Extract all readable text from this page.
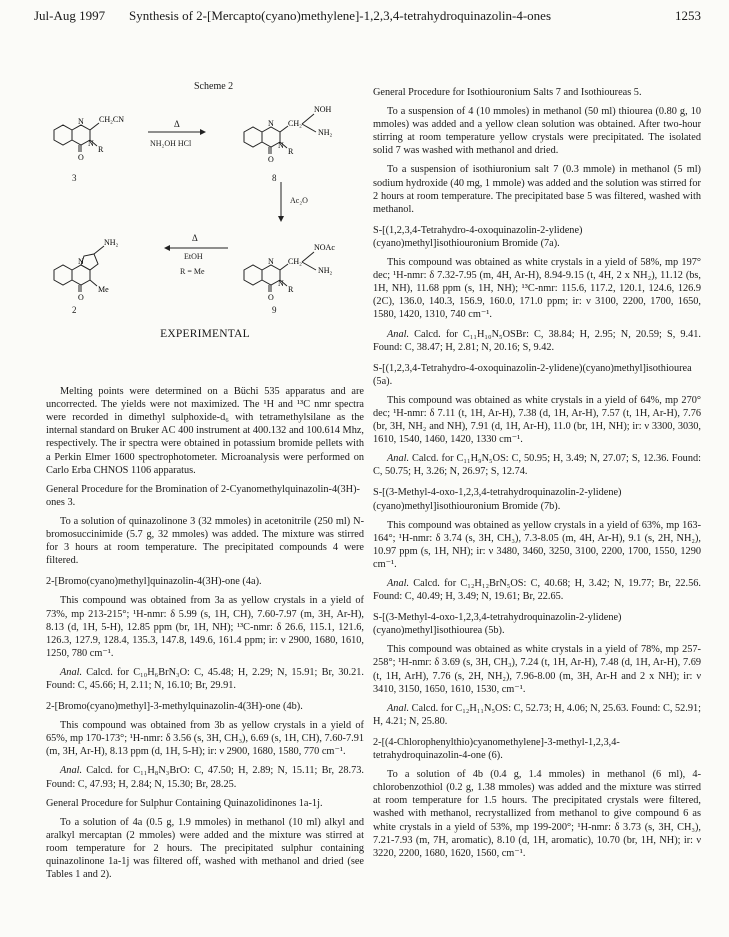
Jul-Aug 1997 Synthesis of 2-[Mercapto(cyano)methylene]-1,2,3,4-tetrahydroquinazolin-4-ones	1253
Scheme 2
N
N
O
CH₂CN
R
3
Δ
NH₂OH HCl
N
N
O
CH₂
NOH
NH₂
R
8
Ac₂O
N
N
O
CH₂
NOAc
NH₂
R
9
Δ
EtOH
R = Me
N
NH₂
O
Me
2
EXPERIMENTAL

Melting points were determined on a Büchi 535 apparatus and are uncorrected. The yields were not maximized. The ¹H and ¹³C nmr spectra were recorded in dimethyl sulphoxide-d₆ with tetramethylsilane as the internal standard on Bruker AC 400 instrument at 400.132 and 100.614 Mhz, respectively. The ir spectra were obtained in potassium bromide pellets with a Perkin Elmer 1600 spectrophotometer. Microanalysis were performed on Carlo Erba CHNOS 1106 apparatus.

General Procedure for the Bromination of 2-Cyanomethylquinazolin-4(3H)-ones 3.

To a solution of quinazolinone 3 (32 mmoles) in acetonitrile (250 ml) N-bromosuccinimide (5.7 g, 32 mmoles) was added. The mixture was stirred for 3 hours at room temperature. The precipitated compounds 4 were filtered.

2-[Bromo(cyano)methyl]quinazolin-4(3H)-one (4a).

This compound was obtained from 3a as yellow crystals in a yield of 73%, mp 213-215°; ¹H-nmr: δ 5.99 (s, 1H, CH), 7.60-7.97 (m, 3H, Ar-H), 8.13 (d, 1H, 5-H), 12.85 ppm (br, 1H, NH); ¹³C-nmr: δ 26.6, 115.1, 121.6, 126.3, 127.9, 128.4, 135.3, 147.8, 149.6, 161.4 ppm; ir: ν 2900, 1680, 1610, 1250, 780 cm⁻¹.

Anal. Calcd. for C₁₀H₆BrN₃O: C, 45.48; H, 2.29; N, 15.91; Br, 30.21. Found: C, 45.66; H, 2.11; N, 16.10; Br, 29.91.

2-[Bromo(cyano)methyl]-3-methylquinazolin-4(3H)-one (4b).

This compound was obtained from 3b as yellow crystals in a yield of 65%, mp 170-173°; ¹H-nmr: δ 3.56 (s, 3H, CH₃), 6.69 (s, 1H, CH), 7.60-7.91 (m, 3H, Ar-H), 8.13 ppm (d, 1H, 5-H); ir: ν 2900, 1680, 1580, 770 cm⁻¹.

Anal. Calcd. for C₁₁H₈N₃BrO: C, 47.50; H, 2.89; N, 15.11; Br, 28.73. Found: C, 47.93; H, 2.84; N, 15.30; Br, 28.25.

General Procedure for Sulphur Containing Quinazolidinones 1a-1j.

To a solution of 4a (0.5 g, 1.9 mmoles) in methanol (10 ml) alkyl and aralkyl mercaptan (2 mmoles) were added and the mixture was stirred at room temperature for 2 hours. The precipitated sulphur containing quinazolinone 1a-1j was filtered off, washed with methanol and dried (see Tables 1 and 2).

General Procedure for Isothiouronium Salts 7 and Isothioureas 5.

To a suspension of 4 (10 mmoles) in methanol (50 ml) thiourea (0.80 g, 10 mmoles) was added and a yellow clean solution was obtained. After two-hour stirring at room temperature yellow crystals were precipitated. The isolated solid 7 was washed with methanol and dried.

To a suspension of isothiuronium salt 7 (0.3 mmole) in methanol (5 ml) sodium hydroxide (40 mg, 1 mmole) was added and the solution was stirred for 2 hours at room temperature. The precipitated base 5 was filtered, washed with methanol.

S-[(1,2,3,4-Tetrahydro-4-oxoquinazolin-2-ylidene)(cyano)methyl]isothiouronium Bromide (7a).

This compound was obtained as white crystals in a yield of 58%, mp 197° dec; ¹H-nmr: δ 7.32-7.95 (m, 4H, Ar-H), 8.94-9.15 (t, 4H, 2 x NH₂), 11.12 (bs, 1H, NH), 11.68 ppm (s, 1H, NH); ¹³C-nmr: 115.6, 117.2, 120.1, 124.6, 126.9 (2C), 136.0, 140.3, 156.9, 160.0, 171.0 ppm; ir: ν 3100, 2200, 1700, 1650, 1580, 1420, 1310, 740 cm⁻¹.

Anal. Calcd. for C₁₁H₁₀N₅OSBr: C, 38.84; H, 2.95; N, 20.59; S, 9.41. Found: C, 38.47; H, 2.81; N, 20.16; S, 9.42.

S-[(1,2,3,4-Tetrahydro-4-oxoquinazolin-2-ylidene)(cyano)methyl]isothiourea (5a).

This compound was obtained as white crystals in a yield of 64%, mp 270° dec; ¹H-nmr: δ 7.11 (t, 1H, Ar-H), 7.38 (d, 1H, Ar-H), 7.57 (t, 1H, Ar-H), 7.76 (br, 3H, NH₂ and NH), 7.91 (d, 1H, Ar-H), 11.0 (br, 1H, NH); ir: ν 3300, 3030, 1610, 1540, 1460, 1420, 1330 cm⁻¹.

Anal. Calcd. for C₁₁H₉N₅OS: C, 50.95; H, 3.49; N, 27.07; S, 12.36. Found: C, 50.75; H, 3.26; N, 26.97; S, 12.74.

S-[(3-Methyl-4-oxo-1,2,3,4-tetrahydroquinazolin-2-ylidene)(cyano)methyl]isothiouronium Bromide (7b).

This compound was obtained as yellow crystals in a yield of 63%, mp 163-164°; ¹H-nmr: δ 3.74 (s, 3H, CH₃), 7.3-8.05 (m, 4H, Ar-H), 9.1 (s, 2H, NH₂), 10.97 ppm (s, 1H, NH); ir: ν 3480, 3460, 3250, 3100, 2200, 1700, 1550, 1290 cm⁻¹.

Anal. Calcd. for C₁₂H₁₂BrN₅OS: C, 40.68; H, 3.42; N, 19.77; Br, 22.56. Found: C, 40.49; H, 3.49; N, 19.61; Br, 22.65.

S-[(3-Methyl-4-oxo-1,2,3,4-tetrahydroquinazolin-2-ylidene)(cyano)methyl]isothiourea (5b).

This compound was obtained as white crystals in a yield of 78%, mp 257-258°; ¹H-nmr: δ 3.69 (s, 3H, CH₃), 7.24 (t, 1H, Ar-H), 7.48 (d, 1H, Ar-H), 7.69 (t, 1H, ArH), 7.76 (s, 2H, NH₂), 7.96-8.00 (m, 3H, Ar-H and 2 x NH); ir: ν 3410, 3150, 1650, 1610, 1530, cm⁻¹.

Anal. Calcd. for C₁₂H₁₁N₅OS: C, 52.73; H, 4.06; N, 25.63. Found: C, 52.91; H, 4.21; N, 25.80.

2-[(4-Chlorophenylthio)cyanomethylene]-3-methyl-1,2,3,4-tetrahydroquinazolin-4-one (6).

To a solution of 4b (0.4 g, 1.4 mmoles) in methanol (6 ml), 4-chlorobenzothiol (0.2 g, 1.38 mmoles) was added and the mixture was stirred at room temperature for 1.5 hours. The precipitated crystals were filtered, washed with methanol, recrystallized from methanol to give compound 6 as white crystals in a yield of 53%, mp 199-200°; ¹H-nmr: δ 3.73 (s, 3H, CH₃), 7.21-7.93 (m, 7H, aromatic), 8.10 (d, 1H, aromatic), 10.70 (br, 1H, NH); ir: ν 3220, 2200, 1680, 1620, 1560, cm⁻¹.
